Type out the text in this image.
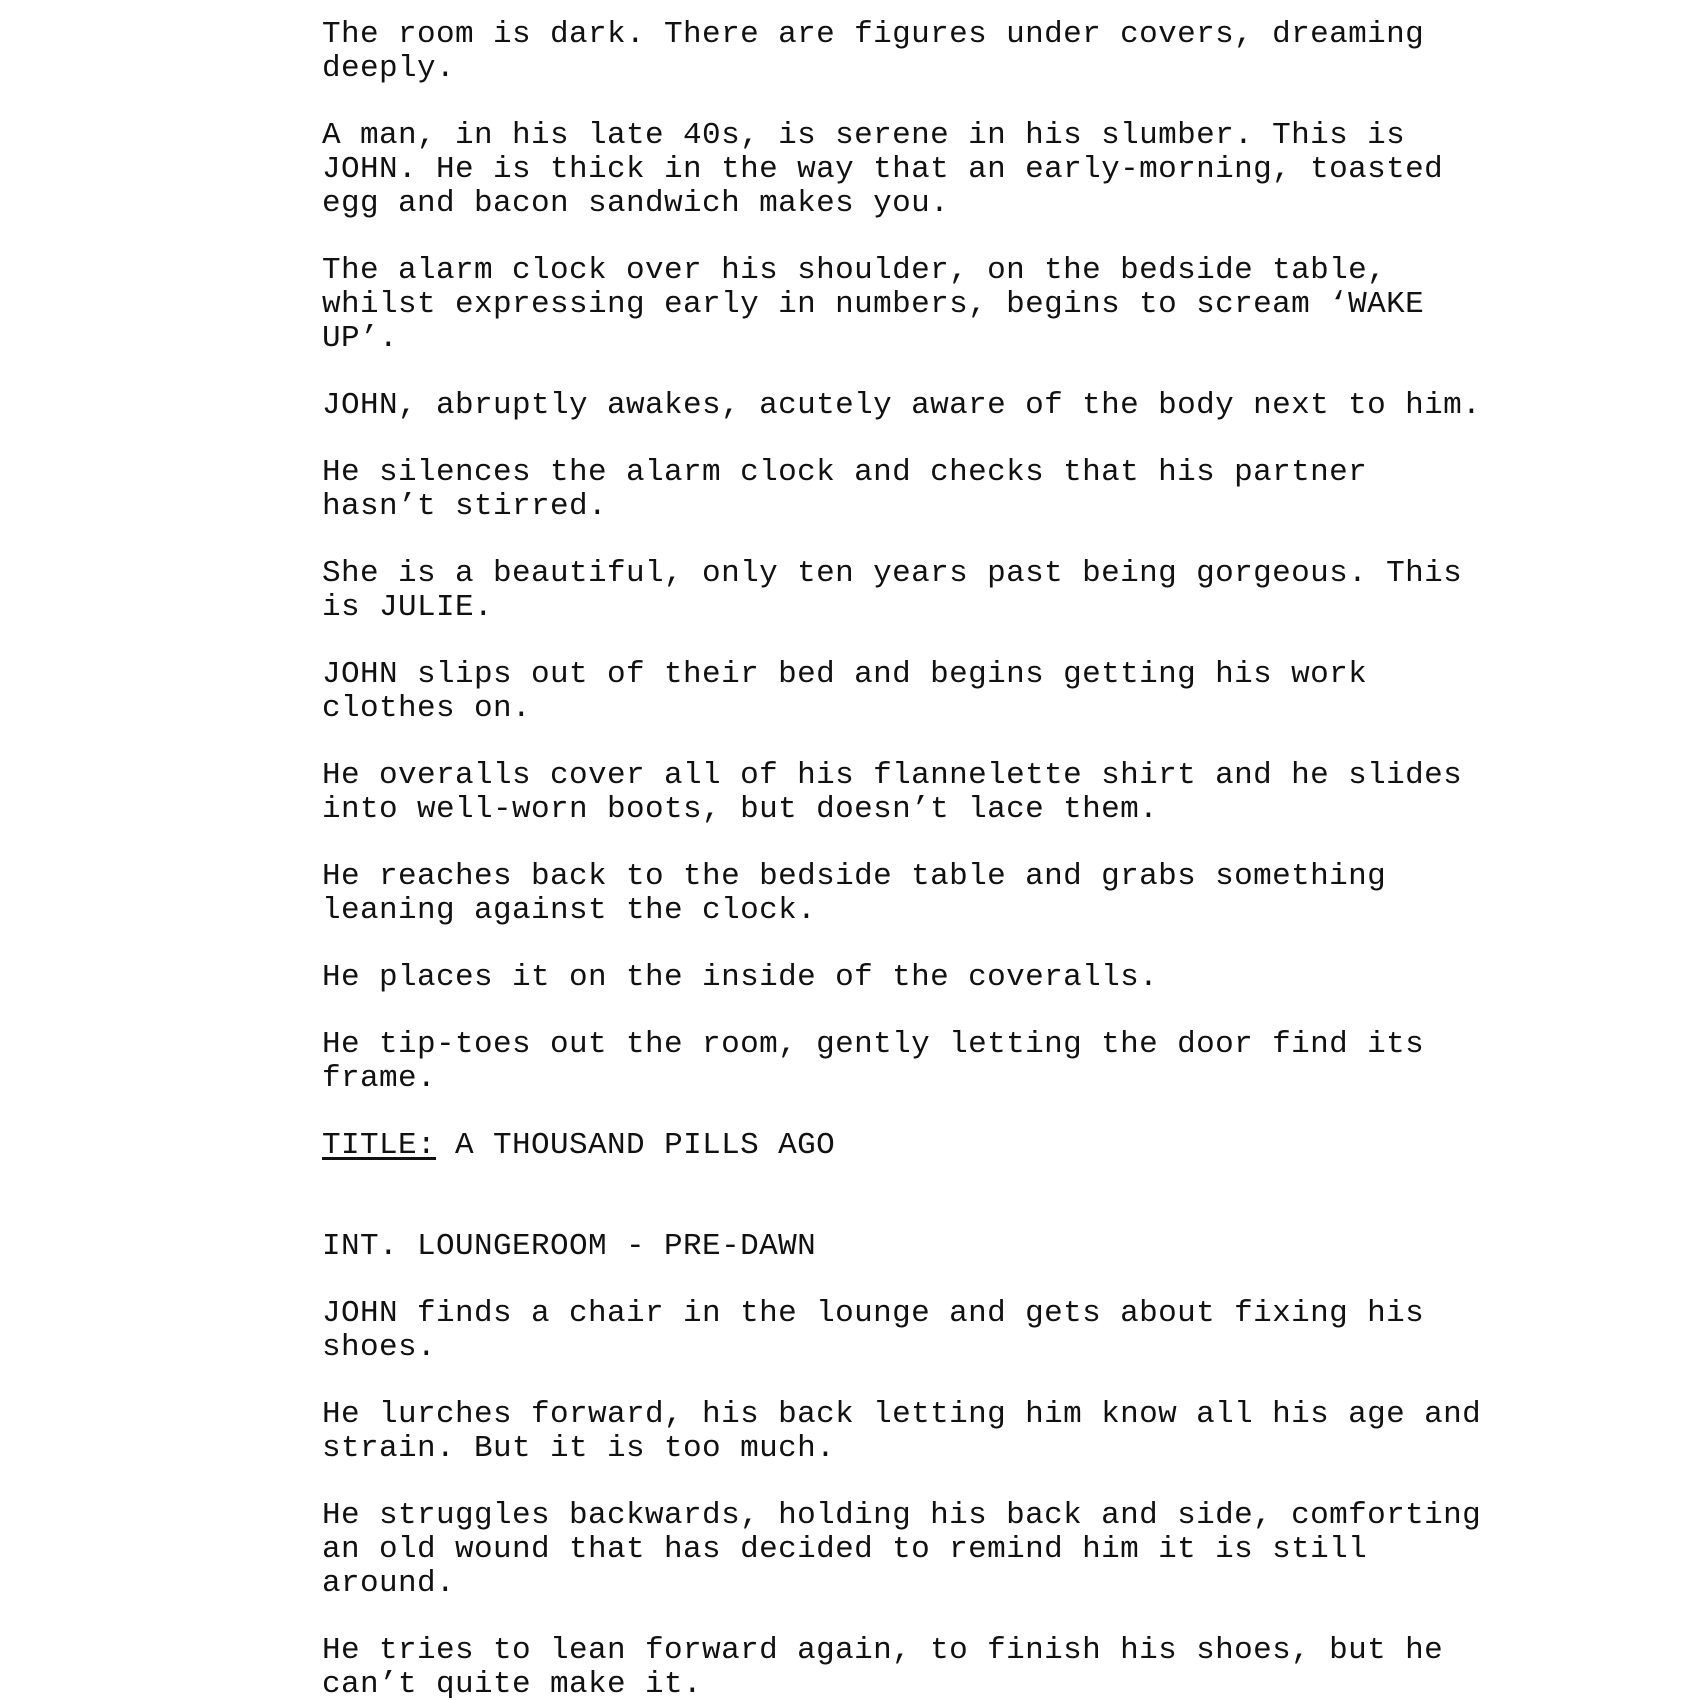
The room is dark. There are figures under covers, dreaming
deeply.
A man, in his late 40s, is serene in his slumber. This is
JOHN. He is thick in the way that an early-morning, toasted
egg and bacon sandwich makes you.
The alarm clock over his shoulder, on the bedside table,
whilst expressing early in numbers, begins to scream ‘WAKE
UP’.
JOHN, abruptly awakes, acutely aware of the body next to him.
He silences the alarm clock and checks that his partner
hasn’t stirred.
She is a beautiful, only ten years past being gorgeous. This
is JULIE.
JOHN slips out of their bed and begins getting his work
clothes on.
He overalls cover all of his flannelette shirt and he slides
into well-worn boots, but doesn’t lace them.
He reaches back to the bedside table and grabs something
leaning against the clock.
He places it on the inside of the coveralls.
He tip-toes out the room, gently letting the door find its
frame.
TITLE: A THOUSAND PILLS AGO
INT. LOUNGEROOM - PRE-DAWN
JOHN finds a chair in the lounge and gets about fixing his
shoes.
He lurches forward, his back letting him know all his age and
strain. But it is too much.
He struggles backwards, holding his back and side, comforting
an old wound that has decided to remind him it is still
around.
He tries to lean forward again, to finish his shoes, but he
can’t quite make it.
